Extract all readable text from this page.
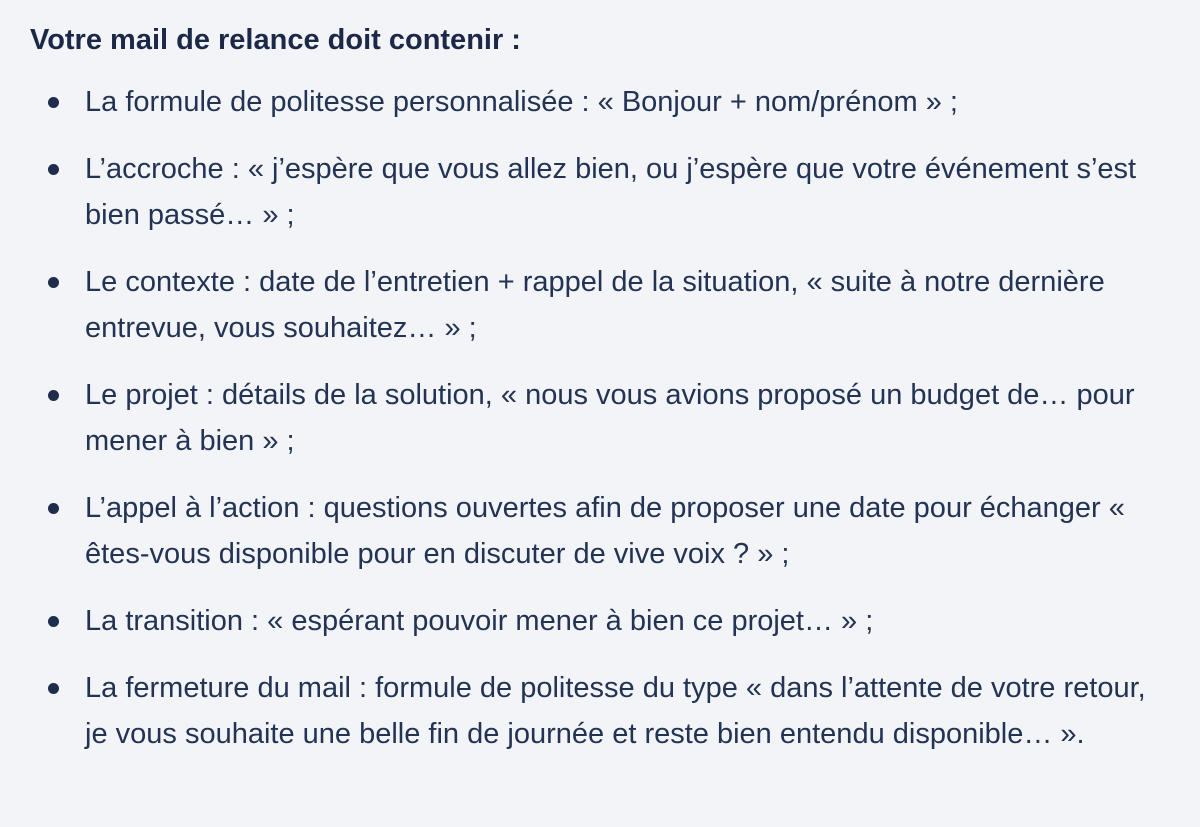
Votre mail de relance doit contenir :
La formule de politesse personnalisée : « Bonjour + nom/prénom » ;
L’accroche : « j’espère que vous allez bien, ou j’espère que votre événement s’est bien passé… » ;
Le contexte : date de l’entretien + rappel de la situation, « suite à notre dernière entrevue, vous souhaitez… » ;
Le projet : détails de la solution, « nous vous avions proposé un budget de… pour mener à bien » ;
L’appel à l’action : questions ouvertes afin de proposer une date pour échanger « êtes-vous disponible pour en discuter de vive voix ? » ;
La transition : « espérant pouvoir mener à bien ce projet… » ;
La fermeture du mail : formule de politesse du type « dans l’attente de votre retour, je vous souhaite une belle fin de journée et reste bien entendu disponible… ».
